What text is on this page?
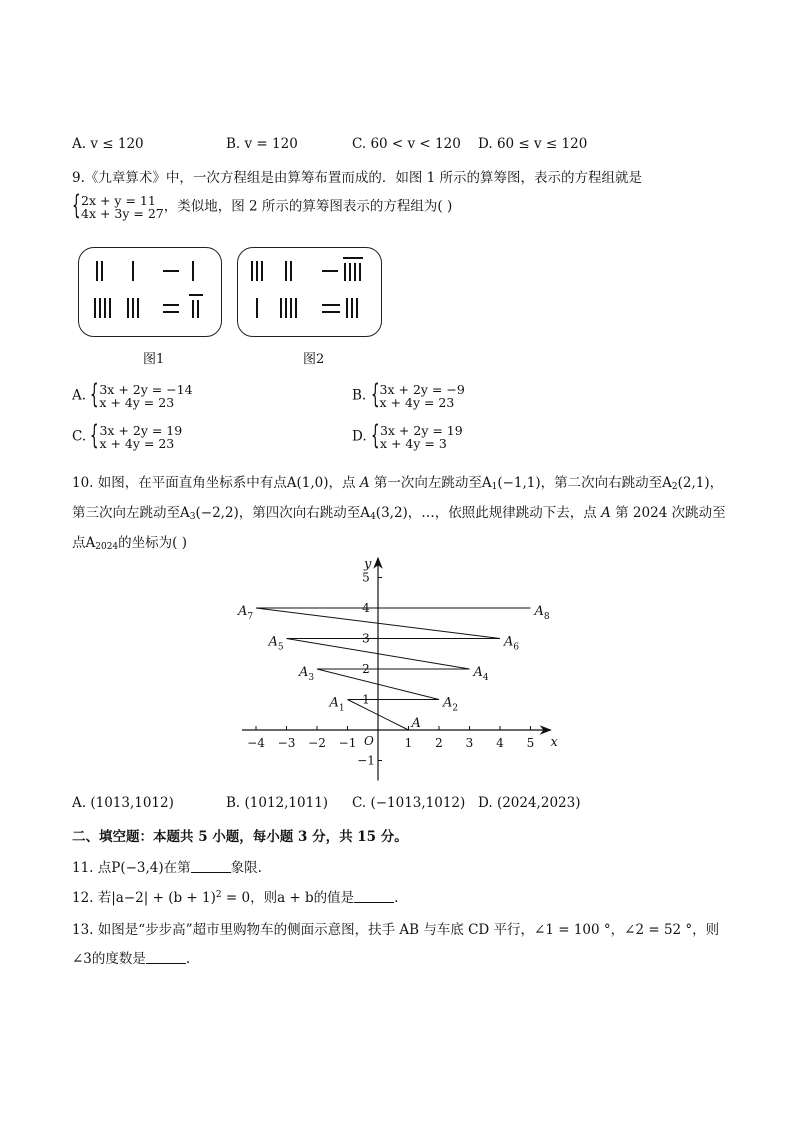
A. v ≤ 120	B. v = 120	C. 60 < v < 120 D. 60 ≤ v ≤ 120
9.《九章算术》中，一次方程组是由算筹布置而成的．如图 1 所示的算筹图，表示的方程组就是
{ 2x + y = 11
4x + 3y = 27 ，类似地，图 2 所示的算筹图表示的方程组为( )
图1	图2
A. { 3x + 2y = −14
x + 4y = 23	B. { 3x + 2y = −9
x + 4y = 23
C. { 3x + 2y = 19
x + 4y = 23	D. { 3x + 2y = 19
x + 4y = 3
10. 如图，在平面直角坐标系中有点A(1,0)，点 A 第一次向左跳动至$A_1(-1,1)$，第二次向右跳动至$A_2(2,1)$，
第三次向左跳动至$A_3(-2,2)$，第四次向右跳动至$A_4(3,2)$，…，依照此规律跳动下去，点 A 第 2024 次跳动至
点$A_{2024}$的坐标为( )
−4 −3 −2 −1	1 2 3 4 5
−1
1
2
3
4
5
x
y
O
A
$A_1$	$A_2$
$A_3$	$A_4$
$A_5$	$A_6$
$A_7$	$A_8$
A. (1013,1012)	B. (1012,1011) C. (−1013,1012) D. (2024,2023)
二、填空题：本题共 5 小题，每小题 3 分，共 15 分。
11. 点P(−3,4)在第	象限.
12. 若$|a-2| + (b + 1)^2 = 0$，则a + b的值是	.
13. 如图是“步步高”超市里购物车的侧面示意图，扶手 AB 与车底 CD 平行，∠1 = 100 °，∠2 = 52 °，则
∠3的度数是	.
